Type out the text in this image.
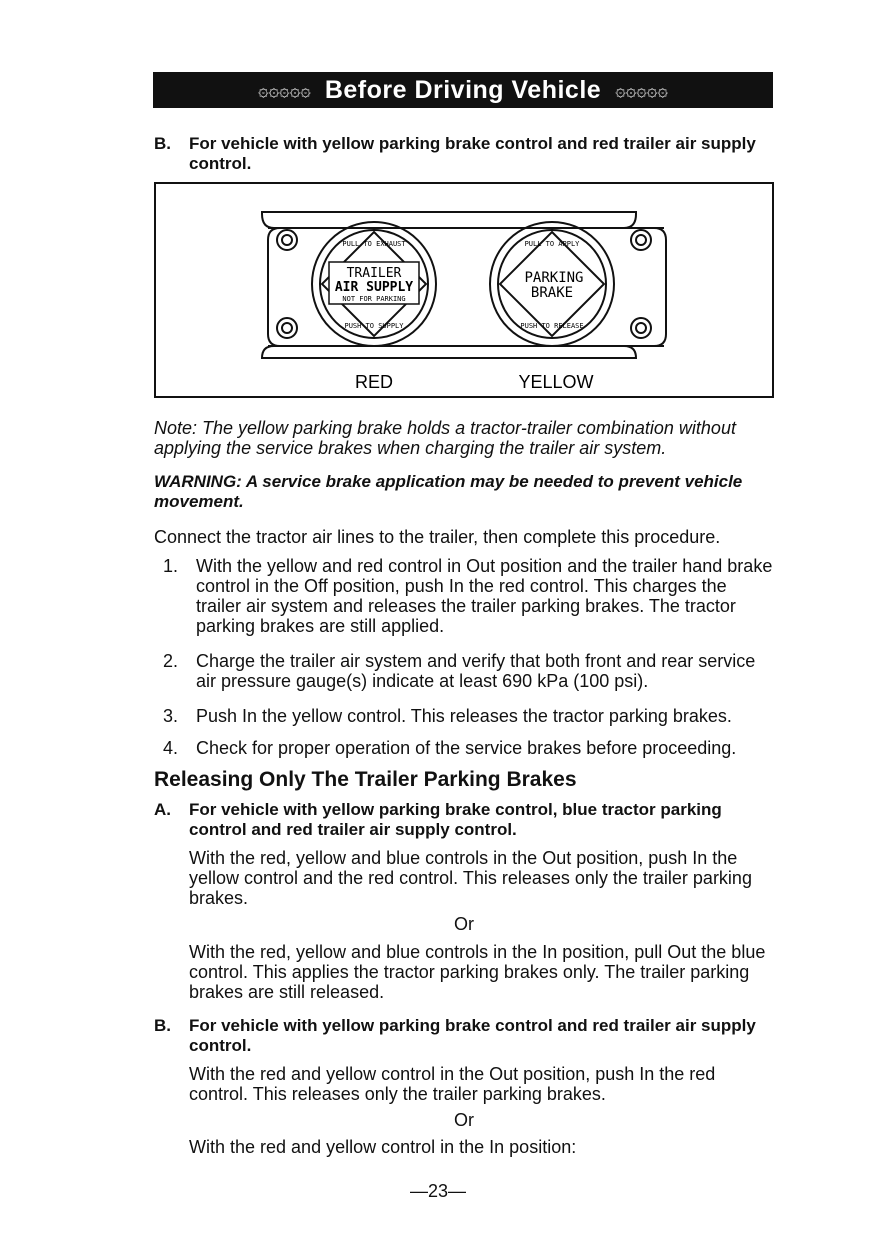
۞۞۞۞۞ Before Driving Vehicle ۞۞۞۞۞
B. For vehicle with yellow parking brake control and red trailer air supply control.
PULL TO EXHAUST
PUSH TO SUPPLY
TRAILER
AIR SUPPLY
NOT FOR PARKING
PULL TO APPLY
PUSH TO RELEASE
PARKING
BRAKE
RED	YELLOW
Note: The yellow parking brake holds a tractor-trailer combination without applying the service brakes when charging the trailer air system.
WARNING: A service brake application may be needed to prevent vehicle movement.
Connect the tractor air lines to the trailer, then complete this procedure.
1. With the yellow and red control in Out position and the trailer hand brake control in the Off position, push In the red control. This charges the trailer air system and releases the trailer parking brakes. The tractor parking brakes are still applied.
2. Charge the trailer air system and verify that both front and rear service air pressure gauge(s) indicate at least 690 kPa (100 psi).
3. Push In the yellow control. This releases the tractor parking brakes.
4. Check for proper operation of the service brakes before proceeding.
Releasing Only The Trailer Parking Brakes
A. For vehicle with yellow parking brake control, blue tractor parking control and red trailer air supply control.
With the red, yellow and blue controls in the Out position, push In the yellow control and the red control. This releases only the trailer parking brakes.
Or
With the red, yellow and blue controls in the In position, pull Out the blue control. This applies the tractor parking brakes only. The trailer parking brakes are still released.
B. For vehicle with yellow parking brake control and red trailer air supply control.
With the red and yellow control in the Out position, push In the red control. This releases only the trailer parking brakes.
Or
With the red and yellow control in the In position:
—23—
